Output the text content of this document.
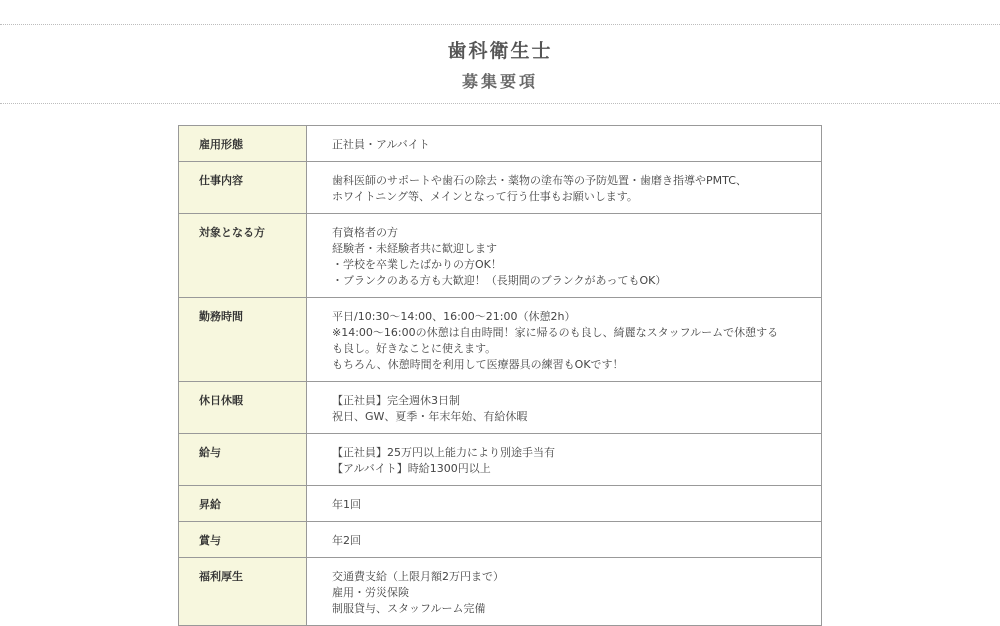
歯科衛生士
募集要項
雇用形態	正社員・アルバイト

仕事内容	歯科医師のサポートや歯石の除去・薬物の塗布等の予防処置・歯磨き指導やPMTC、
ホワイトニング等、メインとなって行う仕事もお願いします。

対象となる方	有資格者の方
経験者・未経験者共に歓迎します
・学校を卒業したばかりの方OK！
・ブランクのある方も大歓迎！（長期間のブランクがあってもOK）

勤務時間	平日/10:30～14:00、16:00～21:00（休憩2h）
※14:00～16:00の休憩は自由時間！家に帰るのも良し、綺麗なスタッフルームで休憩する
も良し。好きなことに使えます。
もちろん、休憩時間を利用して医療器具の練習もOKです！

休日休暇	【正社員】完全週休3日制
祝日、GW、夏季・年末年始、有給休暇

給与	【正社員】25万円以上能力により別途手当有
【アルバイト】時給1300円以上

昇給	年1回

賞与	年2回

福利厚生	交通費支給（上限月額2万円まで）
雇用・労災保険
制服貸与、スタッフルーム完備
